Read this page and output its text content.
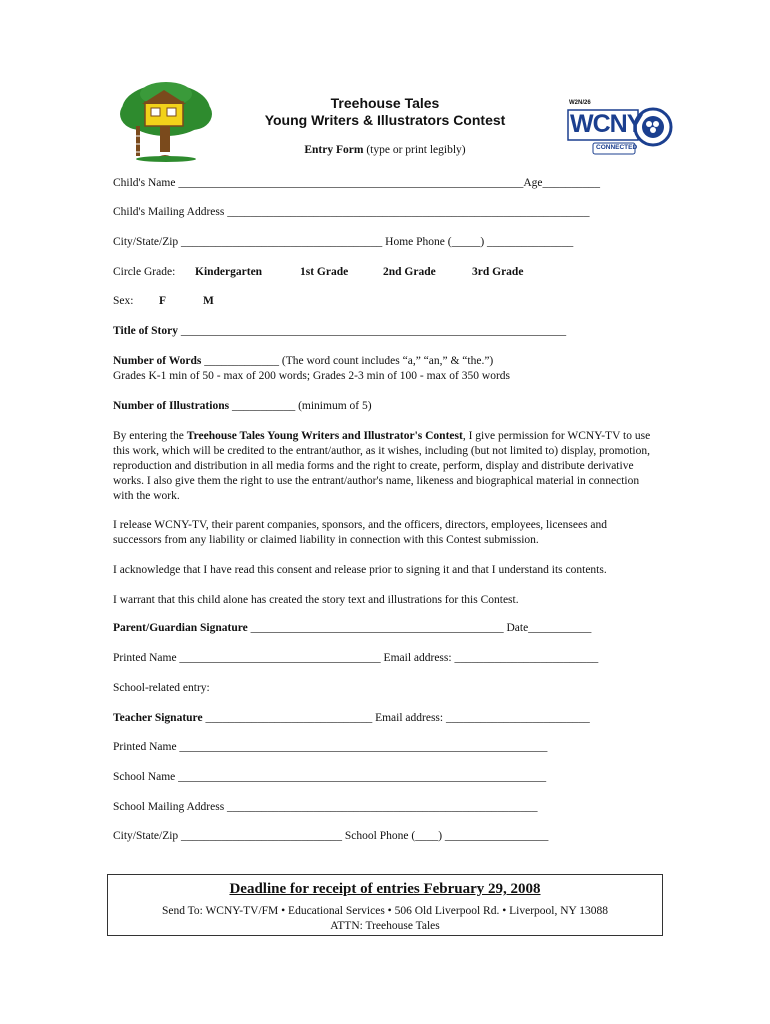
W2N/26
WCNY
CONNECTED
Treehouse Tales
Young Writers & Illustrators Contest
Entry Form (type or print legibly)
Child's Name ____________________________________________________________Age__________
Child's Mailing Address _______________________________________________________________
City/State/Zip ___________________________________ Home Phone (_____) _______________
Circle Grade: Kindergarten	1st Grade	2nd Grade	3rd Grade
Sex: F	M
Title of Story ___________________________________________________________________
Number of Words _____________ (The word count includes “a,” “an,” & “the.”)
Grades K-1 min of 50 - max of 200 words; Grades 2-3 min of 100 - max of 350 words
Number of Illustrations ___________ (minimum of 5)
By entering the Treehouse Tales Young Writers and Illustrator's Contest, I give permission for WCNY-TV to use this work, which will be credited to the entrant/author, as it wishes, including (but not limited to) display, promotion, reproduction and distribution in all media forms and the right to create, perform, display and distribute derivative works. I also give them the right to use the entrant/author's name, likeness and biographical material in connection with the work.
I release WCNY-TV, their parent companies, sponsors, and the officers, directors, employees, licensees and successors from any liability or claimed liability in connection with this Contest submission.
I acknowledge that I have read this consent and release prior to signing it and that I understand its contents.
I warrant that this child alone has created the story text and illustrations for this Contest.
Parent/Guardian Signature ____________________________________________ Date___________
Printed Name ___________________________________ Email address: _________________________
School-related entry:
Teacher Signature _____________________________ Email address: _________________________
Printed Name ________________________________________________________________
School Name ________________________________________________________________
School Mailing Address ______________________________________________________
City/State/Zip ____________________________ School Phone (____) __________________
Deadline for receipt of entries February 29, 2008
Send To: WCNY-TV/FM • Educational Services • 506 Old Liverpool Rd. • Liverpool, NY 13088
ATTN: Treehouse Tales
